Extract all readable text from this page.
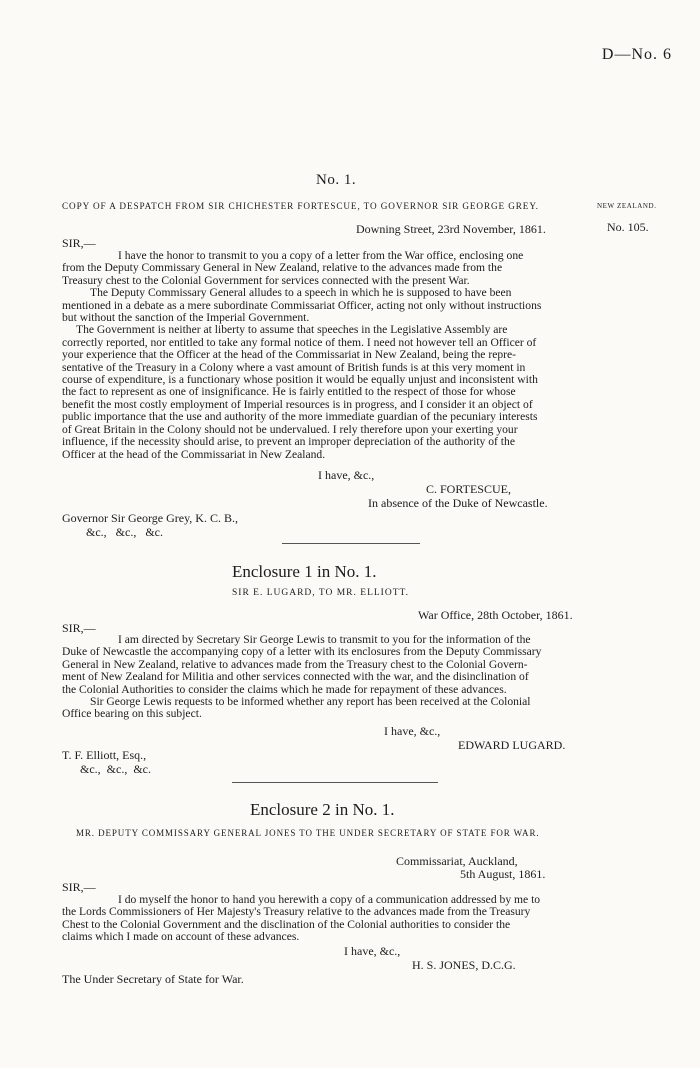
D—No. 6
No. 1.
COPY OF A DESPATCH FROM SIR CHICHESTER FORTESCUE, TO GOVERNOR SIR GEORGE GREY.	NEW ZEALAND.
No. 105.
Downing Street, 23rd November, 1861.
SIR,—
I have the honor to transmit to you a copy of a letter from the War office, enclosing one
from the Deputy Commissary General in New Zealand, relative to the advances made from the
Treasury chest to the Colonial Government for services connected with the present War.
The Deputy Commissary General alludes to a speech in which he is supposed to have been
mentioned in a debate as a mere subordinate Commissariat Officer, acting not only without instructions
but without the sanction of the Imperial Government.
The Government is neither at liberty to assume that speeches in the Legislative Assembly are
correctly reported, nor entitled to take any formal notice of them. I need not however tell an Officer of
your experience that the Officer at the head of the Commissariat in New Zealand, being the repre-
sentative of the Treasury in a Colony where a vast amount of British funds is at this very moment in
course of expenditure, is a functionary whose position it would be equally unjust and inconsistent with
the fact to represent as one of insignificance. He is fairly entitled to the respect of those for whose
benefit the most costly employment of Imperial resources is in progress, and I consider it an object of
public importance that the use and authority of the more immediate guardian of the pecuniary interests
of Great Britain in the Colony should not be undervalued. I rely therefore upon your exerting your
influence, if the necessity should arise, to prevent an improper depreciation of the authority of the
Officer at the head of the Commissariat in New Zealand.
I have, &c.,
C. FORTESCUE,
In absence of the Duke of Newcastle.
Governor Sir George Grey, K. C. B.,
&c.,   &c.,   &c.
Enclosure 1 in No. 1.
SIR E. LUGARD, TO MR. ELLIOTT.
War Office, 28th October, 1861.
SIR,—
I am directed by Secretary Sir George Lewis to transmit to you for the information of the
Duke of Newcastle the accompanying copy of a letter with its enclosures from the Deputy Commissary
General in New Zealand, relative to advances made from the Treasury chest to the Colonial Govern-
ment of New Zealand for Militia and other services connected with the war, and the disinclination of
the Colonial Authorities to consider the claims which he made for repayment of these advances.
Sir George Lewis requests to be informed whether any report has been received at the Colonial
Office bearing on this subject.
I have, &c.,
EDWARD LUGARD.
T. F. Elliott, Esq.,
&c.,  &c.,  &c.
Enclosure 2 in No. 1.
MR. DEPUTY COMMISSARY GENERAL JONES TO THE UNDER SECRETARY OF STATE FOR WAR.
Commissariat, Auckland,
5th August, 1861.
SIR,—
I do myself the honor to hand you herewith a copy of a communication addressed by me to
the Lords Commissioners of Her Majesty's Treasury relative to the advances made from the Treasury
Chest to the Colonial Government and the disclination of the Colonial authorities to consider the
claims which I made on account of these advances.
I have, &c.,
H. S. JONES, D.C.G.
The Under Secretary of State for War.
